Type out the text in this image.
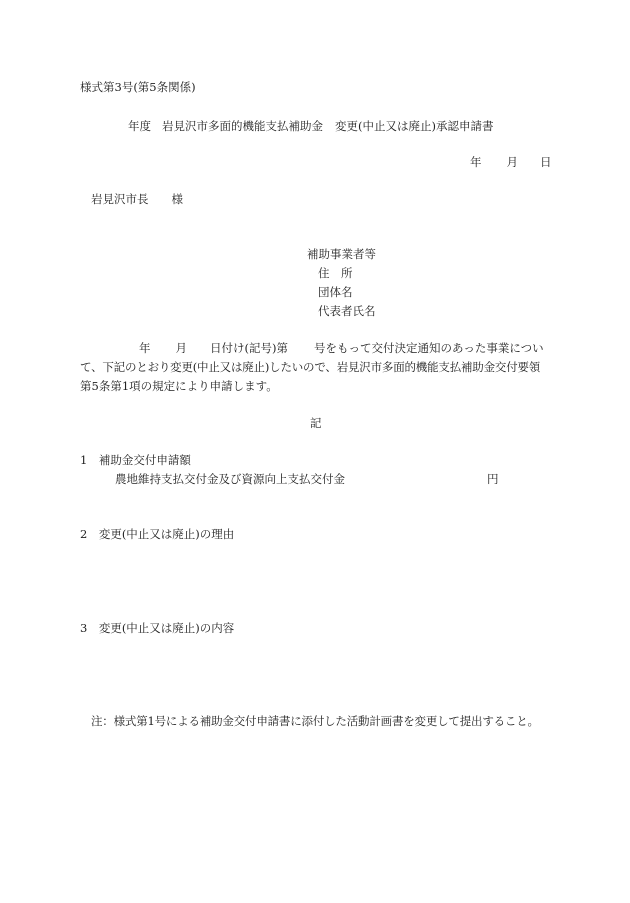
様式第3号(第5条関係)
年度 岩見沢市多面的機能支払補助金 変更(中止又は廃止)承認申請書
年 月 日
岩見沢市長 様
補助事業者等
住　所
団体名
代表者氏名
年 月 日付け(記号)第 号をもって交付決定通知のあった事業につい
て、下記のとおり変更(中止又は廃止)したいので、岩見沢市多面的機能支払補助金交付要領
第5条第1項の規定により申請します。
記
1　補助金交付申請額
農地維持支払交付金及び資源向上支払交付金	円
2　変更(中止又は廃止)の理由
3　変更(中止又は廃止)の内容
注：様式第1号による補助金交付申請書に添付した活動計画書を変更して提出すること。
